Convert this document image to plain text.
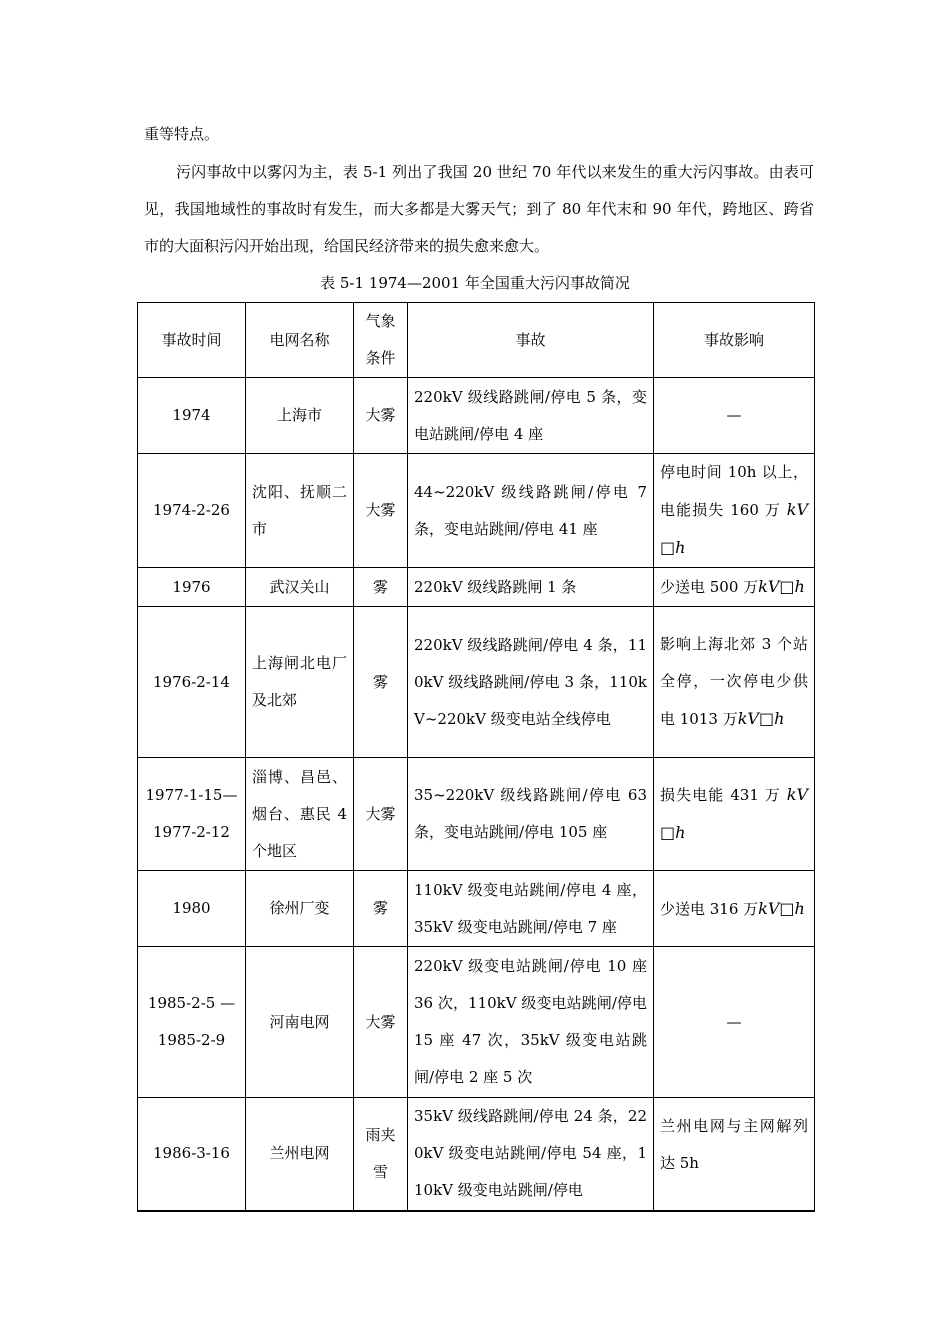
重等特点。

污闪事故中以雾闪为主，表 5-1 列出了我国 20 世纪 70 年代以来发生的重大污闪事故。由表可见，我国地域性的事故时有发生，而大多都是大雾天气；到了 80 年代末和 90 年代，跨地区、跨省市的大面积污闪开始出现，给国民经济带来的损失愈来愈大。

表 5-1 1974—2001 年全国重大污闪事故简况
事故时间	电网名称	气象条件	事故	事故影响
1974	上海市	大雾	220kV 级线路跳闸/停电 5 条，变电站跳闸/停电 4 座	—
1974-2-26	沈阳、抚顺二市	大雾	44~220kV 级线路跳闸/停电 7 条，变电站跳闸/停电 41 座	停电时间 10h 以上，电能损失 160 万 kV□h
1976	武汉关山	雾	220kV 级线路跳闸 1 条	少送电 500 万kV□h
1976-2-14	上海闸北电厂及北郊	雾	220kV 级线路跳闸/停电 4 条，110kV 级线路跳闸/停电 3 条，110kV~220kV 级变电站全线停电	影响上海北郊 3 个站全停，一次停电少供电 1013 万kV□h
1977-1-15—1977-2-12	淄博、昌邑、烟台、惠民 4 个地区	大雾	35~220kV 级线路跳闸/停电 63 条，变电站跳闸/停电 105 座	损失电能 431 万 kV□h
1980	徐州厂变	雾	110kV 级变电站跳闸/停电 4 座，35kV 级变电站跳闸/停电 7 座	少送电 316 万kV□h
1985-2-5 —1985-2-9	河南电网	大雾	220kV 级变电站跳闸/停电 10 座 36 次，110kV 级变电站跳闸/停电 15 座 47 次，35kV 级变电站跳闸/停电 2 座 5 次	—
1986-3-16	兰州电网	雨夹雪	35kV 级线路跳闸/停电 24 条，220kV 级变电站跳闸/停电 54 座，110kV 级变电站跳闸/停电	兰州电网与主网解列达 5h
